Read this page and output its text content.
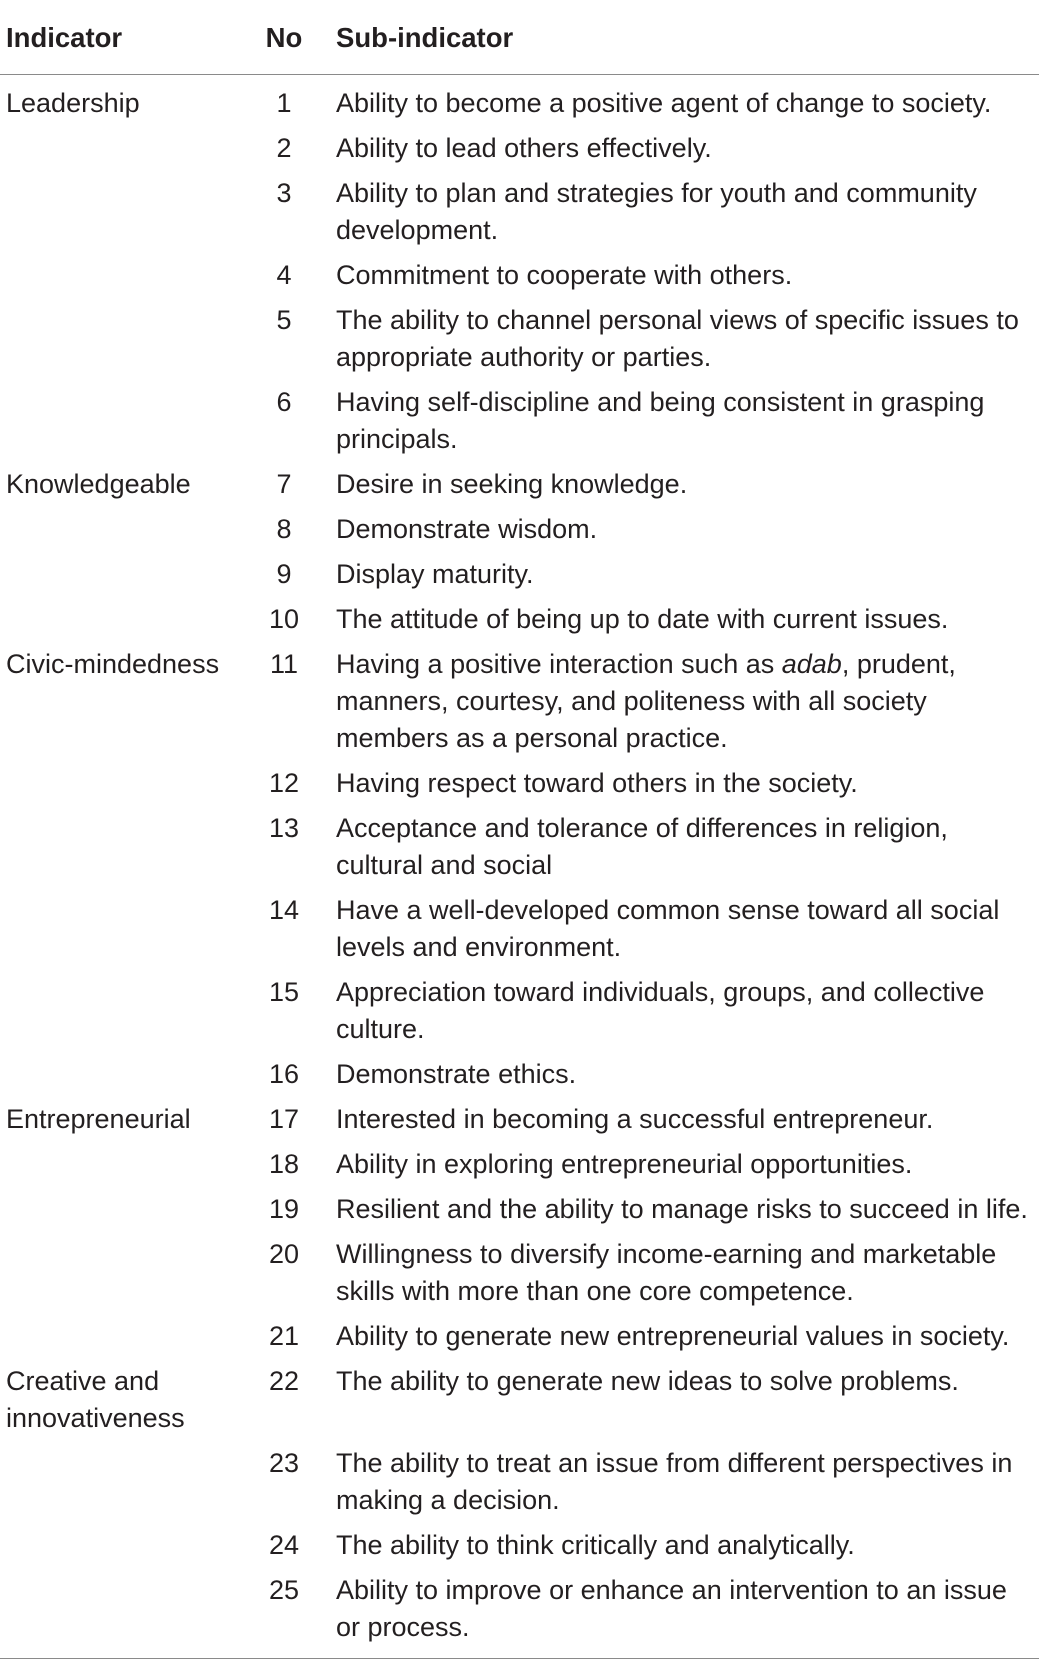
Indicator	No	Sub-indicator
Leadership	1	Ability to become a positive agent of change to society.
	2	Ability to lead others effectively.
	3	Ability to plan and strategies for youth and community development.
	4	Commitment to cooperate with others.
	5	The ability to channel personal views of specific issues to appropriate authority or parties.
	6	Having self-discipline and being consistent in grasping principals.
Knowledgeable	7	Desire in seeking knowledge.
	8	Demonstrate wisdom.
	9	Display maturity.
	10	The attitude of being up to date with current issues.
Civic-mindedness	11	Having a positive interaction such as adab, prudent, manners, courtesy, and politeness with all society members as a personal practice.
	12	Having respect toward others in the society.
	13	Acceptance and tolerance of differences in religion, cultural and social
	14	Have a well-developed common sense toward all social levels and environment.
	15	Appreciation toward individuals, groups, and collective culture.
	16	Demonstrate ethics.
Entrepreneurial	17	Interested in becoming a successful entrepreneur.
	18	Ability in exploring entrepreneurial opportunities.
	19	Resilient and the ability to manage risks to succeed in life.
	20	Willingness to diversify income-earning and marketable skills with more than one core competence.
	21	Ability to generate new entrepreneurial values in society.
Creative and innovativeness	22	The ability to generate new ideas to solve problems.
	23	The ability to treat an issue from different perspectives in making a decision.
	24	The ability to think critically and analytically.
	25	Ability to improve or enhance an intervention to an issue or process.
